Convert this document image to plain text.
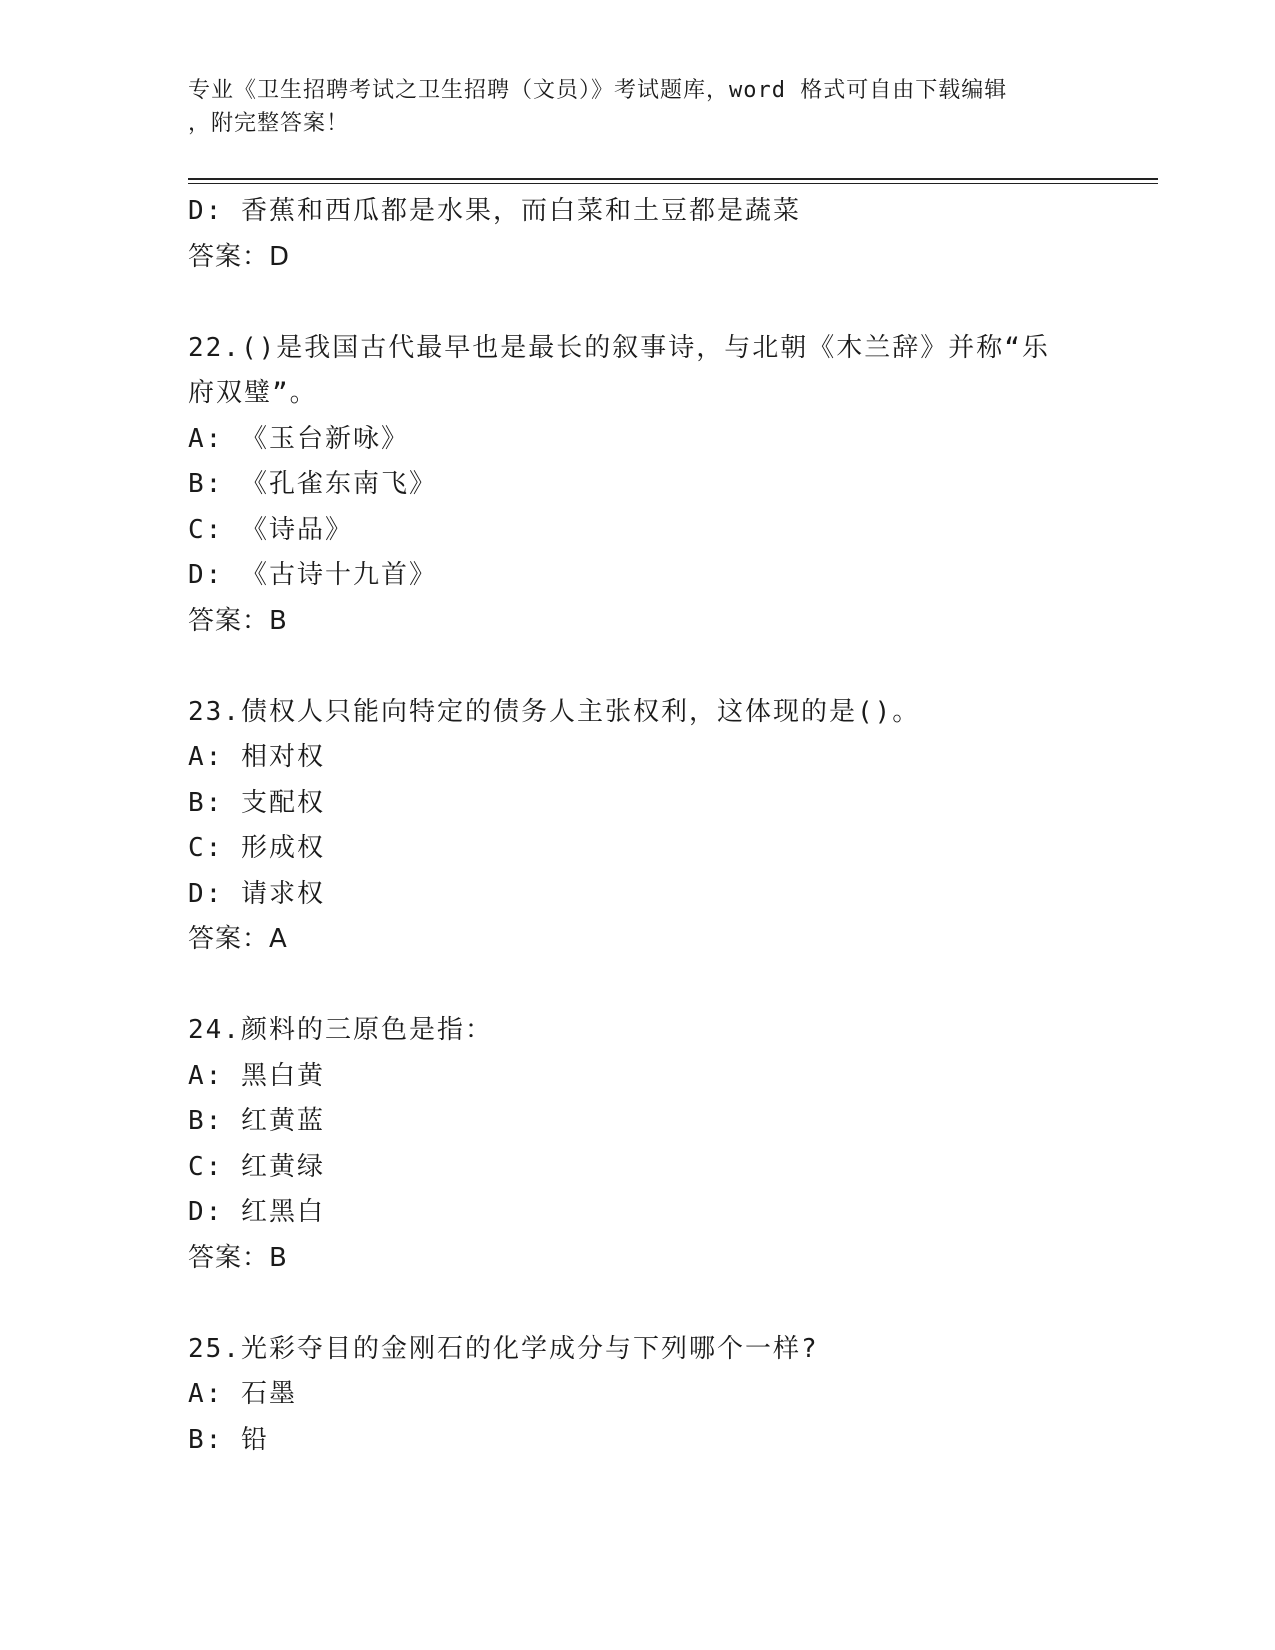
专业《卫生招聘考试之卫生招聘（文员）》考试题库，word 格式可自由下载编辑
，附完整答案！
D: 香蕉和西瓜都是水果，而白菜和土豆都是蔬菜
答案：D
22.()是我国古代最早也是最长的叙事诗，与北朝《木兰辞》并称“乐
府双璧”。
A: 《玉台新咏》
B: 《孔雀东南飞》
C: 《诗品》
D: 《古诗十九首》
答案：B
23.债权人只能向特定的债务人主张权利，这体现的是()。
A: 相对权
B: 支配权
C: 形成权
D: 请求权
答案：A
24.颜料的三原色是指：
A: 黑白黄
B: 红黄蓝
C: 红黄绿
D: 红黑白
答案：B
25.光彩夺目的金刚石的化学成分与下列哪个一样?
A: 石墨
B: 铅
